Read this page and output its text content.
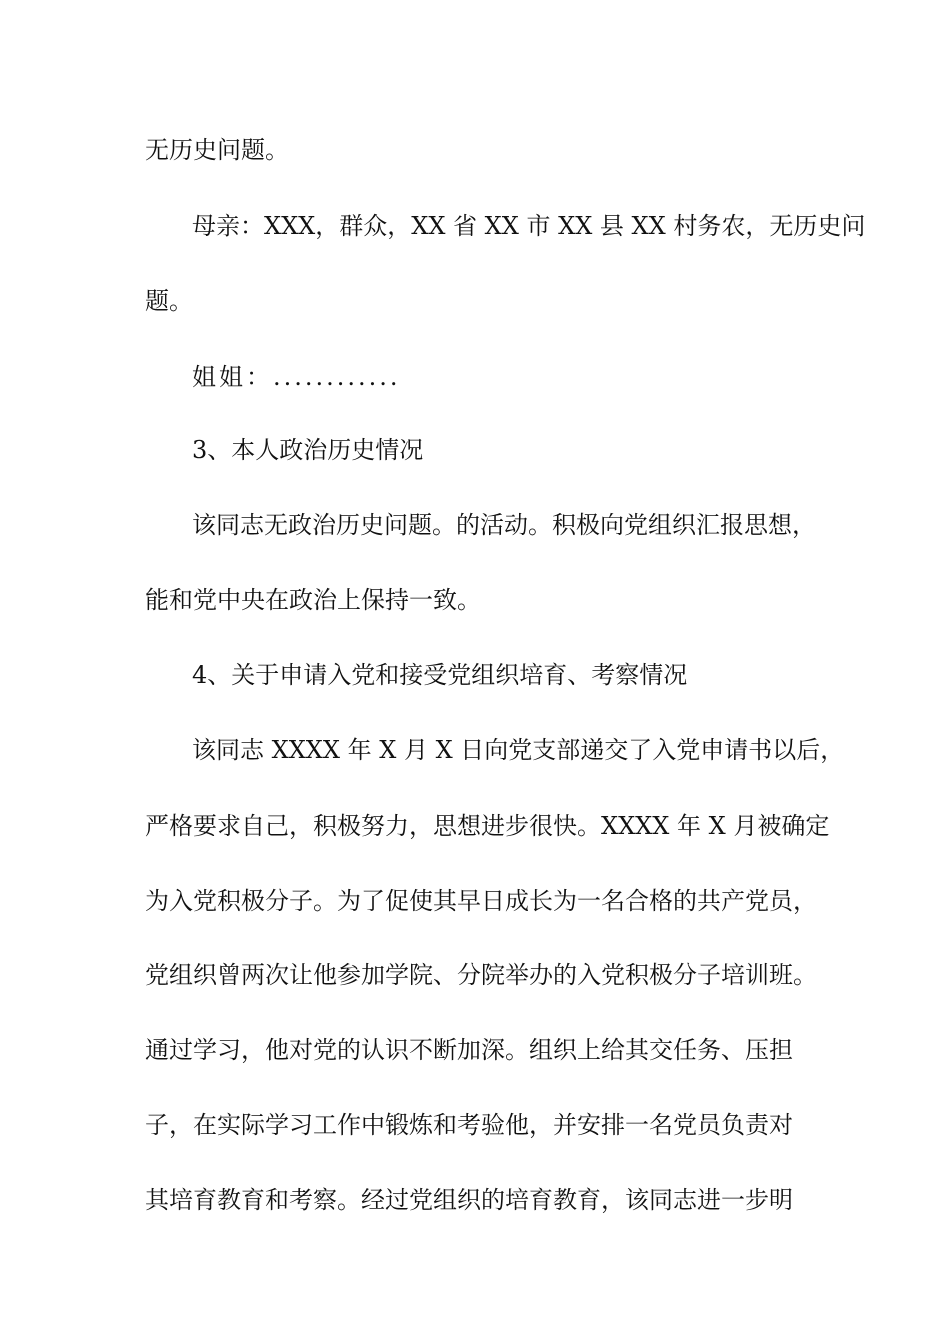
无历史问题。
母亲：XXX，群众，XX 省 XX 市 XX 县 XX 村务农，无历史问
题。
姐姐：............
3、本人政治历史情况
该同志无政治历史问题。的活动。积极向党组织汇报思想，
能和党中央在政治上保持一致。
4、关于申请入党和接受党组织培育、考察情况
该同志 XXXX 年 X 月 X 日向党支部递交了入党申请书以后，
严格要求自己，积极努力，思想进步很快。XXXX 年 X 月被确定
为入党积极分子。为了促使其早日成长为一名合格的共产党员，
党组织曾两次让他参加学院、分院举办的入党积极分子培训班。
通过学习，他对党的认识不断加深。组织上给其交任务、压担
子，在实际学习工作中锻炼和考验他，并安排一名党员负责对
其培育教育和考察。经过党组织的培育教育，该同志进一步明
